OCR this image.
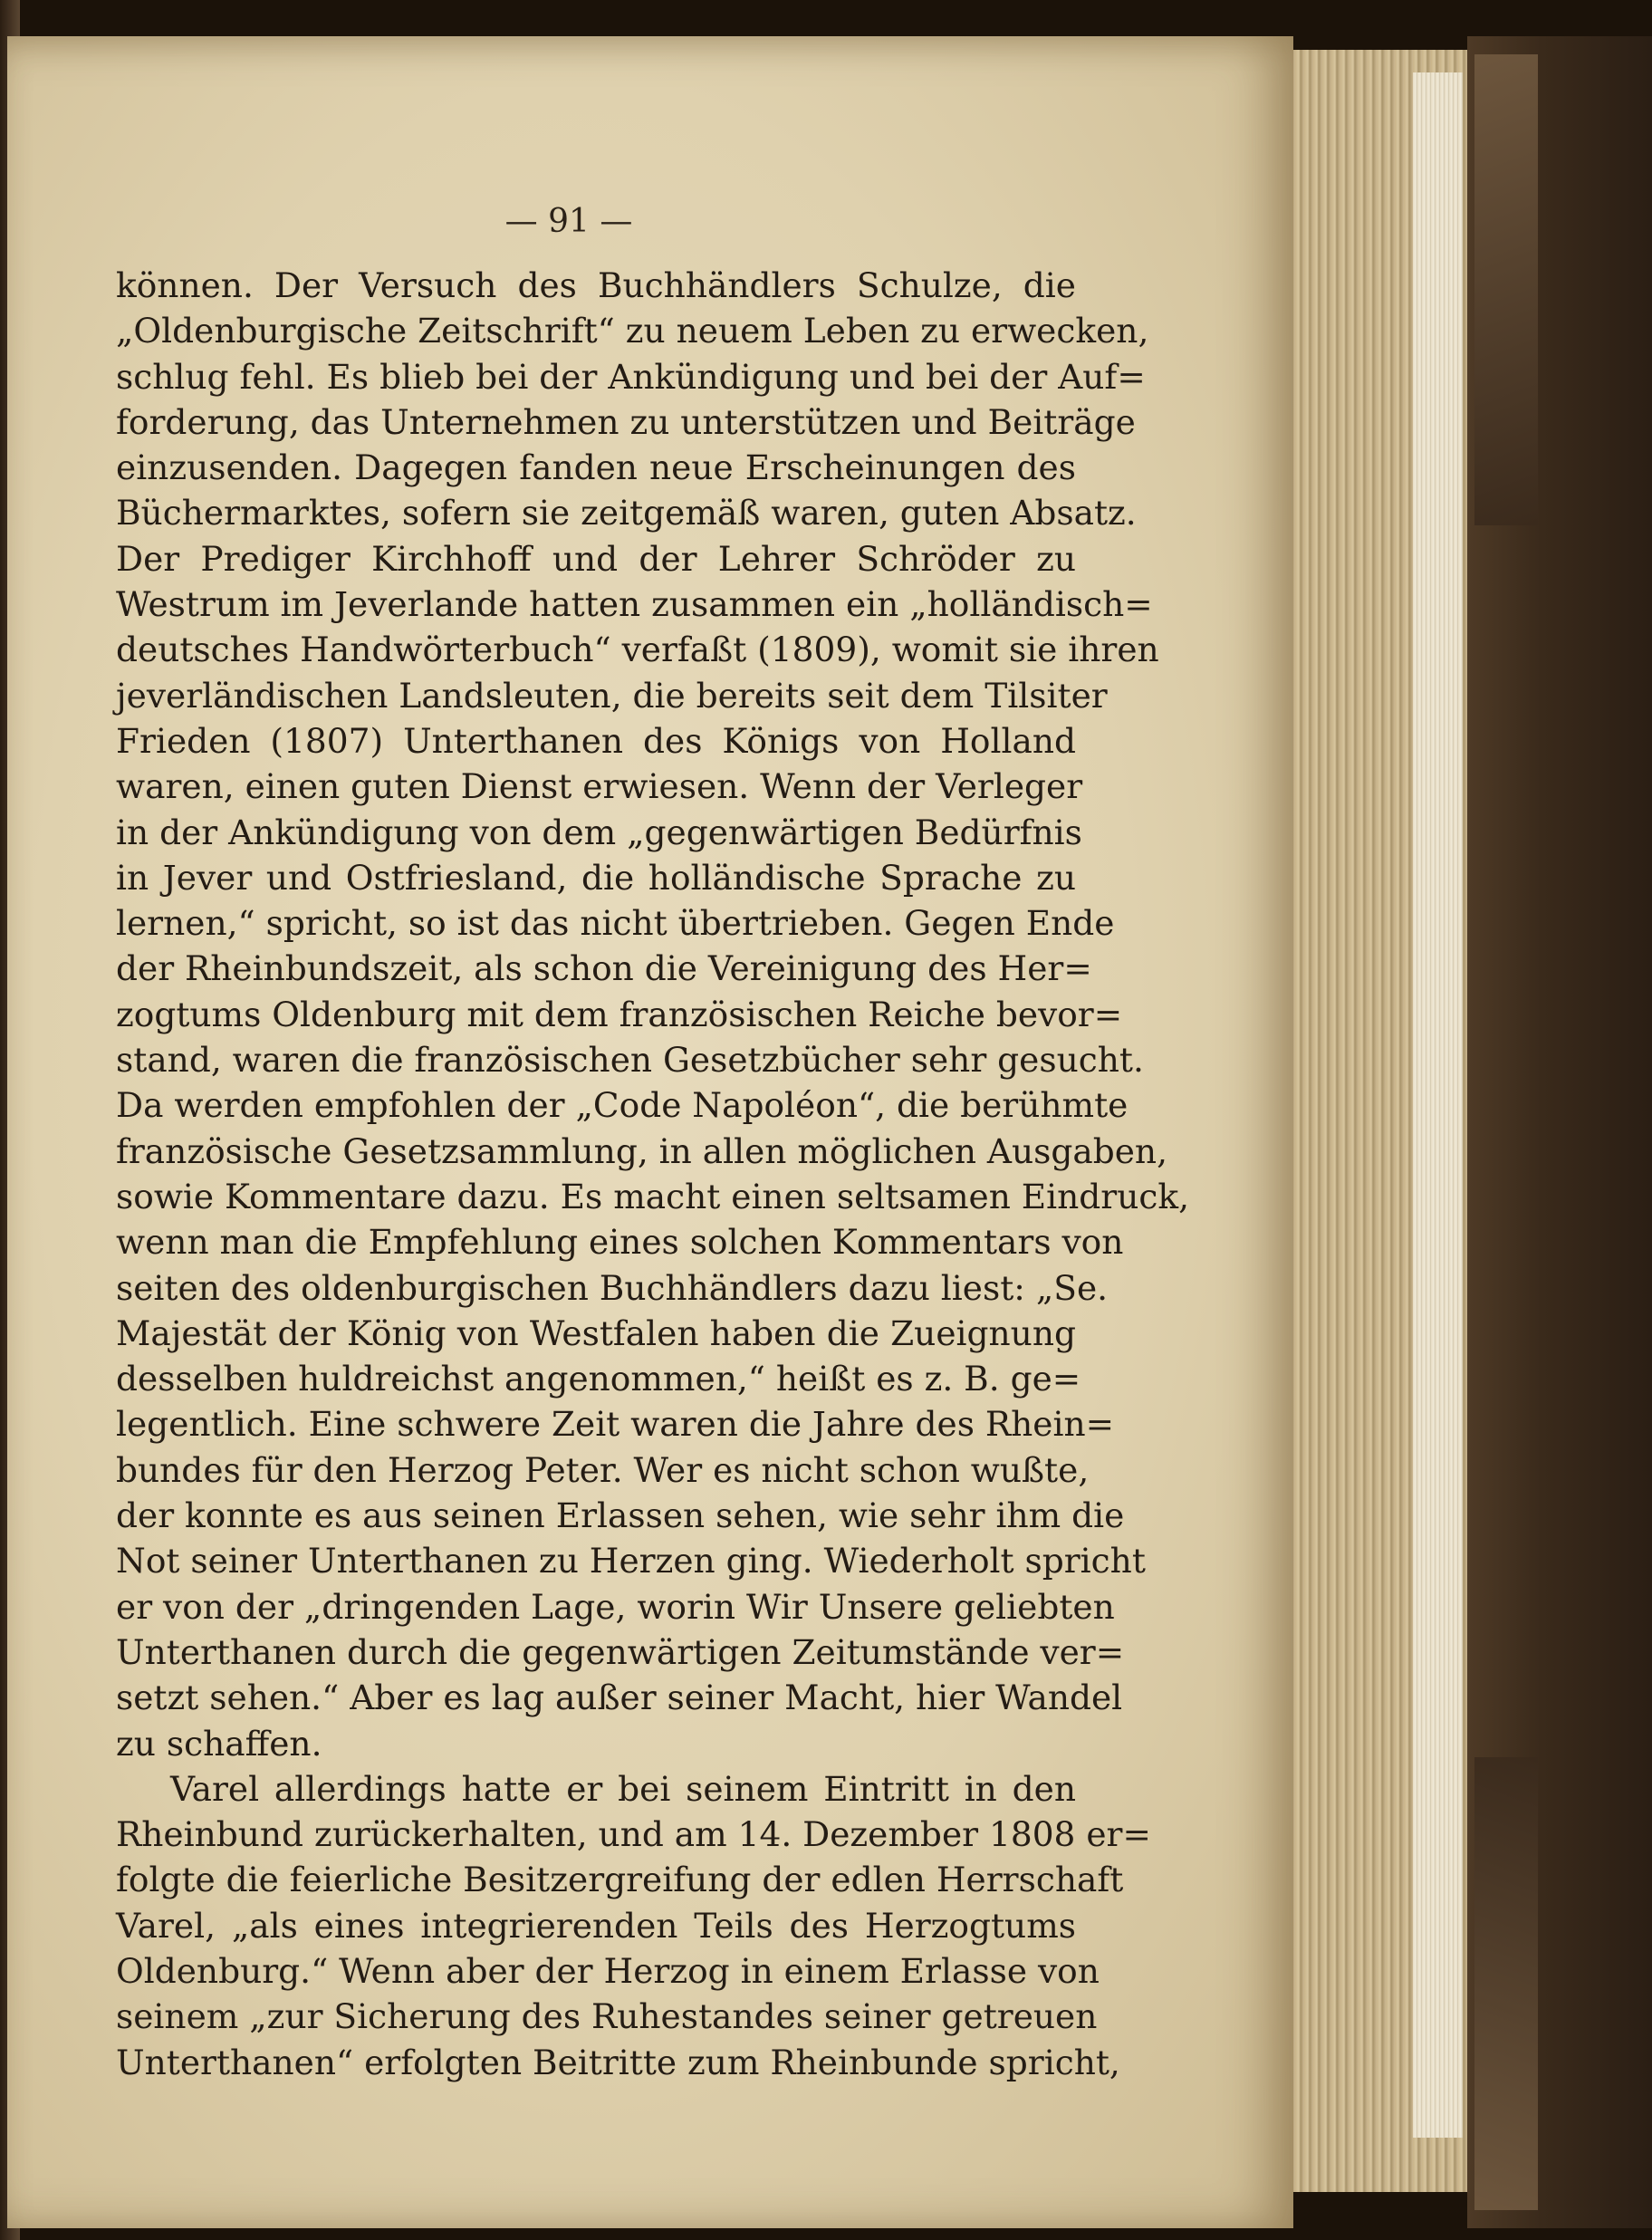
— 91 —
können. Der Versuch des Buchhändlers Schulze, die
„Oldenburgische Zeitschrift“ zu neuem Leben zu erwecken,
schlug fehl. Es blieb bei der Ankündigung und bei der Auf=
forderung, das Unternehmen zu unterstützen und Beiträge
einzusenden. Dagegen fanden neue Erscheinungen des
Büchermarktes, sofern sie zeitgemäß waren, guten Absatz.
Der Prediger Kirchhoff und der Lehrer Schröder zu
Westrum im Jeverlande hatten zusammen ein „holländisch=
deutsches Handwörterbuch“ verfaßt (1809), womit sie ihren
jeverländischen Landsleuten, die bereits seit dem Tilsiter
Frieden (1807) Unterthanen des Königs von Holland
waren, einen guten Dienst erwiesen. Wenn der Verleger
in der Ankündigung von dem „gegenwärtigen Bedürfnis
in Jever und Ostfriesland, die holländische Sprache zu
lernen,“ spricht, so ist das nicht übertrieben. Gegen Ende
der Rheinbundszeit, als schon die Vereinigung des Her=
zogtums Oldenburg mit dem französischen Reiche bevor=
stand, waren die französischen Gesetzbücher sehr gesucht.
Da werden empfohlen der „Code Napoléon“, die berühmte
französische Gesetzsammlung, in allen möglichen Ausgaben,
sowie Kommentare dazu. Es macht einen seltsamen Eindruck,
wenn man die Empfehlung eines solchen Kommentars von
seiten des oldenburgischen Buchhändlers dazu liest: „Se.
Majestät der König von Westfalen haben die Zueignung
desselben huldreichst angenommen,“ heißt es z. B. ge=
legentlich. Eine schwere Zeit waren die Jahre des Rhein=
bundes für den Herzog Peter. Wer es nicht schon wußte,
der konnte es aus seinen Erlassen sehen, wie sehr ihm die
Not seiner Unterthanen zu Herzen ging. Wiederholt spricht
er von der „dringenden Lage, worin Wir Unsere geliebten
Unterthanen durch die gegenwärtigen Zeitumstände ver=
setzt sehen.“ Aber es lag außer seiner Macht, hier Wandel
zu schaffen.
Varel allerdings hatte er bei seinem Eintritt in den
Rheinbund zurückerhalten, und am 14. Dezember 1808 er=
folgte die feierliche Besitzergreifung der edlen Herrschaft
Varel, „als eines integrierenden Teils des Herzogtums
Oldenburg.“ Wenn aber der Herzog in einem Erlasse von
seinem „zur Sicherung des Ruhestandes seiner getreuen
Unterthanen“ erfolgten Beitritte zum Rheinbunde spricht,
